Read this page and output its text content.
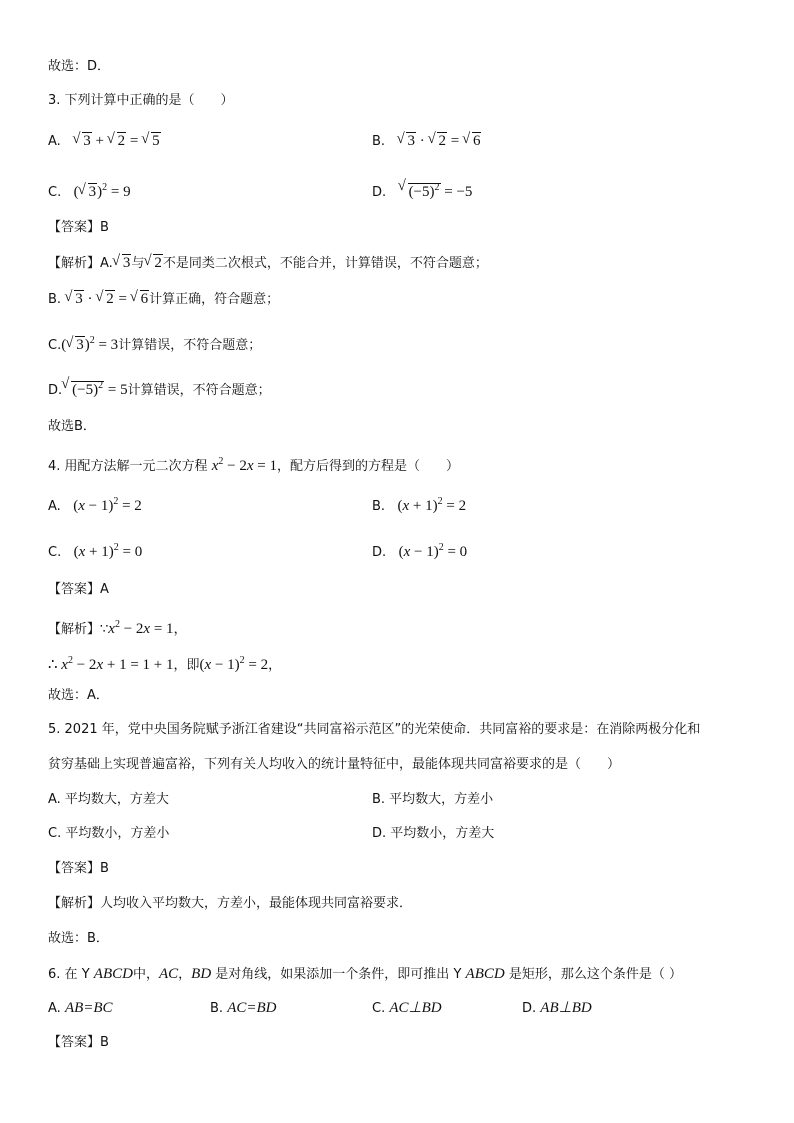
故选：D．
3. 下列计算中正确的是（　　）
A. √ 3 + √ 2 = √ 5	B. √ 3 · √ 2 = √ 6
C. ( √ 3)$^2$ = 9	D. √ $(-5)^2 = -5$
【答案】B
【解析】A. √ 3与 √ 2不是同类二次根式，不能合并，计算错误，不符合题意；
B. √ 3 · √ 2 = √ 6计算正确，符合题意；
C.( √ 3)$^2$ = 3计算错误，不符合题意；
D. √ $(-5)^2 = 5$计算错误，不符合题意；
故选B．
4. 用配方法解一元二次方程 $x^2 - 2x = 1$，配方后得到的方程是（　　）
A. $(x - 1)^2 = 2$	B. $(x + 1)^2 = 2$
C. $(x + 1)^2 = 0$	D. $(x - 1)^2 = 0$
【答案】A
【解析】$\because x^2 - 2x = 1$，
∴ $x^2 - 2x + 1 = 1 + 1$，即$(x - 1)^2 = 2$，
故选：A．
5. 2021 年，党中央国务院赋予浙江省建设“共同富裕示范区”的光荣使命．共同富裕的要求是：在消除两极分化和
贫穷基础上实现普遍富裕，下列有关人均收入的统计量特征中，最能体现共同富裕要求的是（　　）
A. 平均数大，方差大	B. 平均数大，方差小
C. 平均数小，方差小	D. 平均数小，方差大
【答案】B
【解析】人均收入平均数大，方差小，最能体现共同富裕要求．
故选：B．
6. 在 Y ABCD中，AC，BD 是对角线，如果添加一个条件，即可推出 Y ABCD 是矩形，那么这个条件是（ ）
A. AB=BC	B. AC=BD	C. AC⊥BD	D. AB⊥BD
【答案】B
